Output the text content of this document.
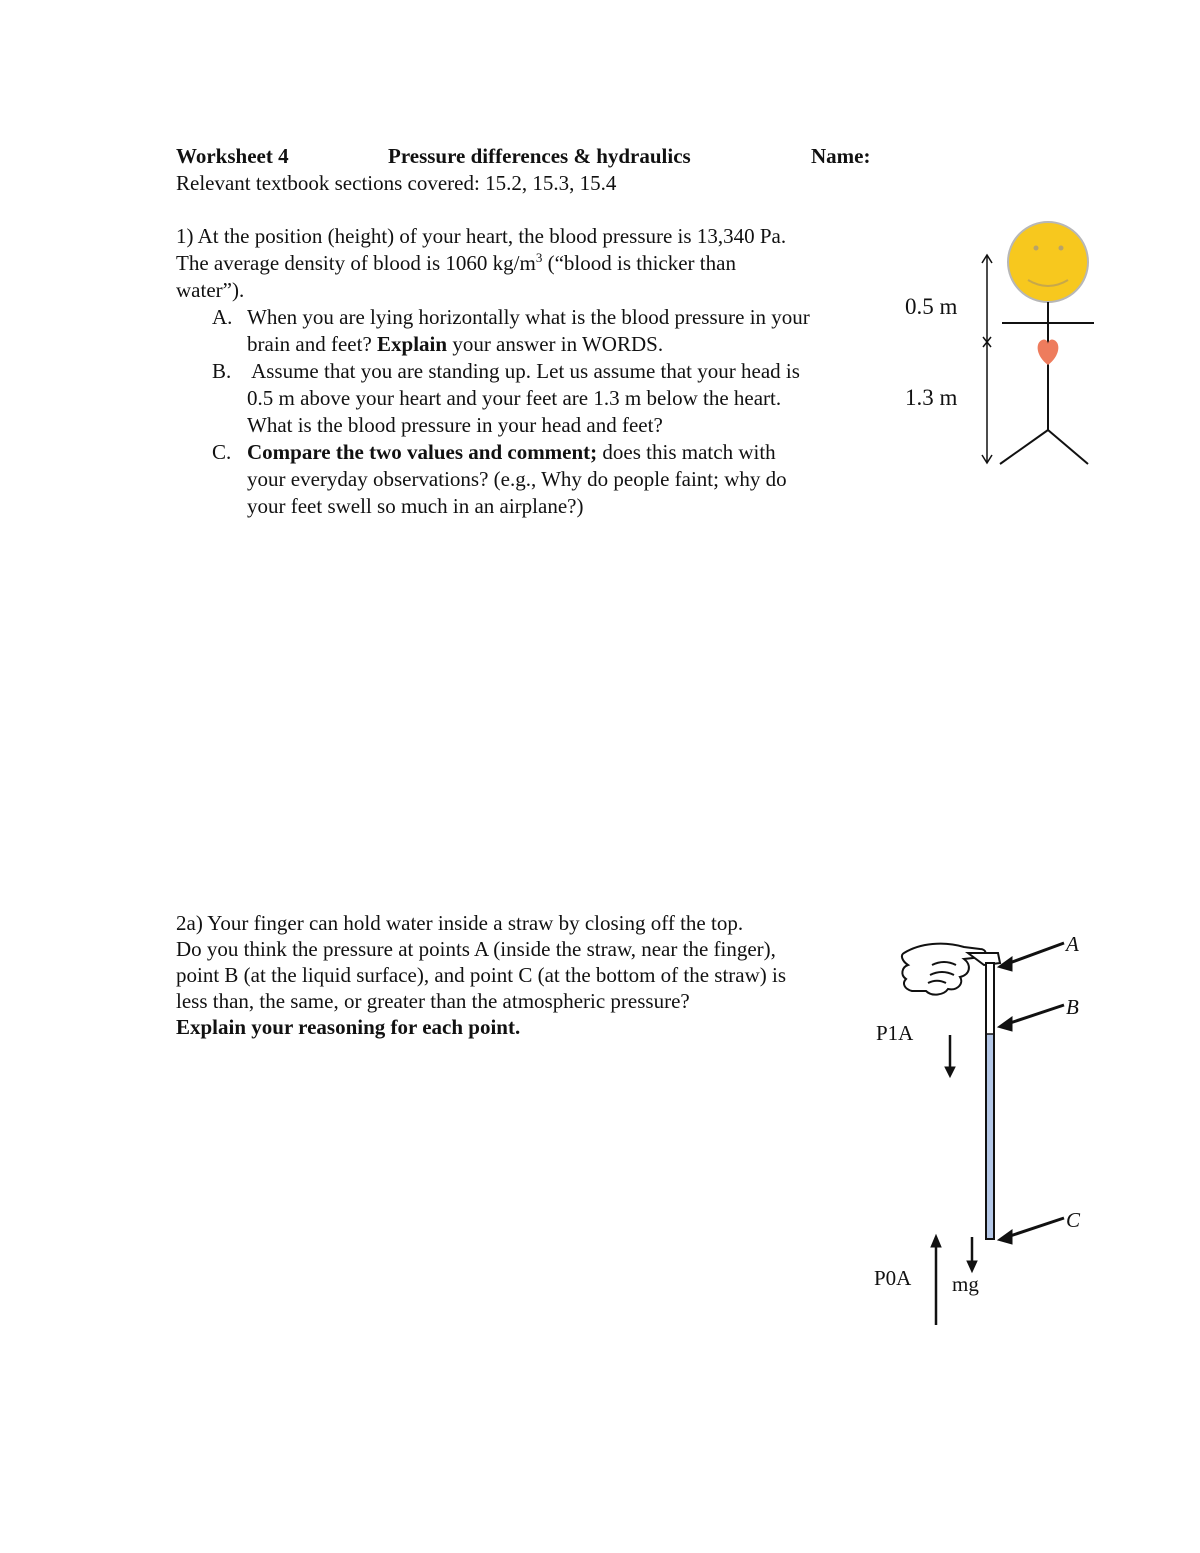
Worksheet 4	Pressure differences & hydraulics	Name:
Relevant textbook sections covered: 15.2, 15.3, 15.4
1) At the position (height) of your heart, the blood pressure is 13,340 Pa.
The average density of blood is 1060 $kg/m^3$ (“blood is thicker than
water”).
A. When you are lying horizontally what is the blood pressure in your
brain and feet? Explain your answer in WORDS.
B. Assume that you are standing up. Let us assume that your head is
0.5 m above your heart and your feet are 1.3 m below the heart.
What is the blood pressure in your head and feet?
C. Compare the two values and comment; does this match with
your everyday observations? (e.g., Why do people faint; why do
your feet swell so much in an airplane?)
0.5 m
1.3 m
2a) Your finger can hold water inside a straw by closing off the top.
Do you think the pressure at points A (inside the straw, near the finger),
point B (at the liquid surface), and point C (at the bottom of the straw) is
less than, the same, or greater than the atmospheric pressure?
Explain your reasoning for each point.
A
B
C
P1A
P0A mg
